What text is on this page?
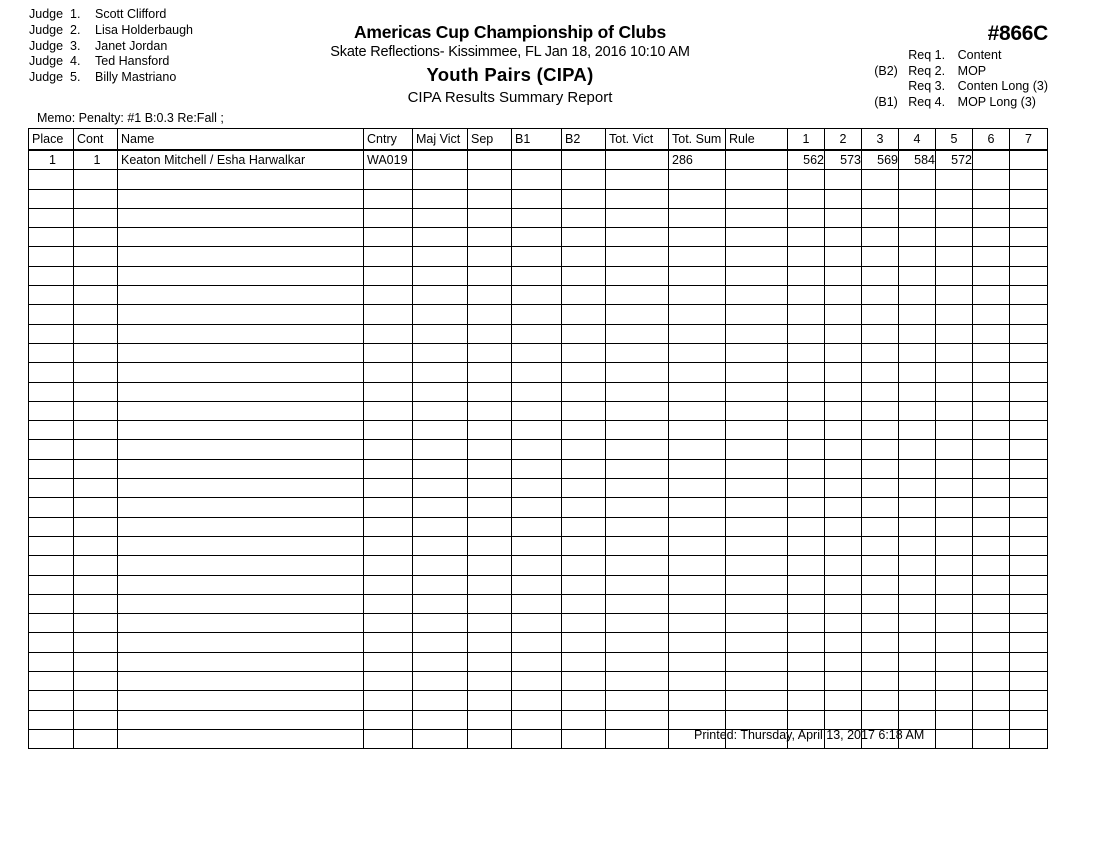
Judge 1. Scott Clifford
Judge 2. Lisa Holderbaugh
Judge 3. Janet Jordan
Judge 4. Ted Hansford
Judge 5. Billy Mastriano
Americas Cup Championship of Clubs
Skate Reflections- Kissimmee, FL Jan 18, 2016 10:10 AM
Youth Pairs (CIPA)
CIPA Results Summary Report
#866C
Req 1. Content
(B2) Req 2. MOP
Req 3. Conten Long (3)
(B1) Req 4. MOP Long (3)
Memo: Penalty: #1 B:0.3 Re:Fall ;
Place	Cont	Name	Cntry	Maj Vict	Sep	B1	B2	Tot. Vict	Tot. Sum	Rule	1	2	3	4	5	6	7
1	1	Keaton Mitchell / Esha Harwalkar	WA019						286		562	573	569	584	572		

Printed: Thursday, April 13, 2017 6:18 AM
